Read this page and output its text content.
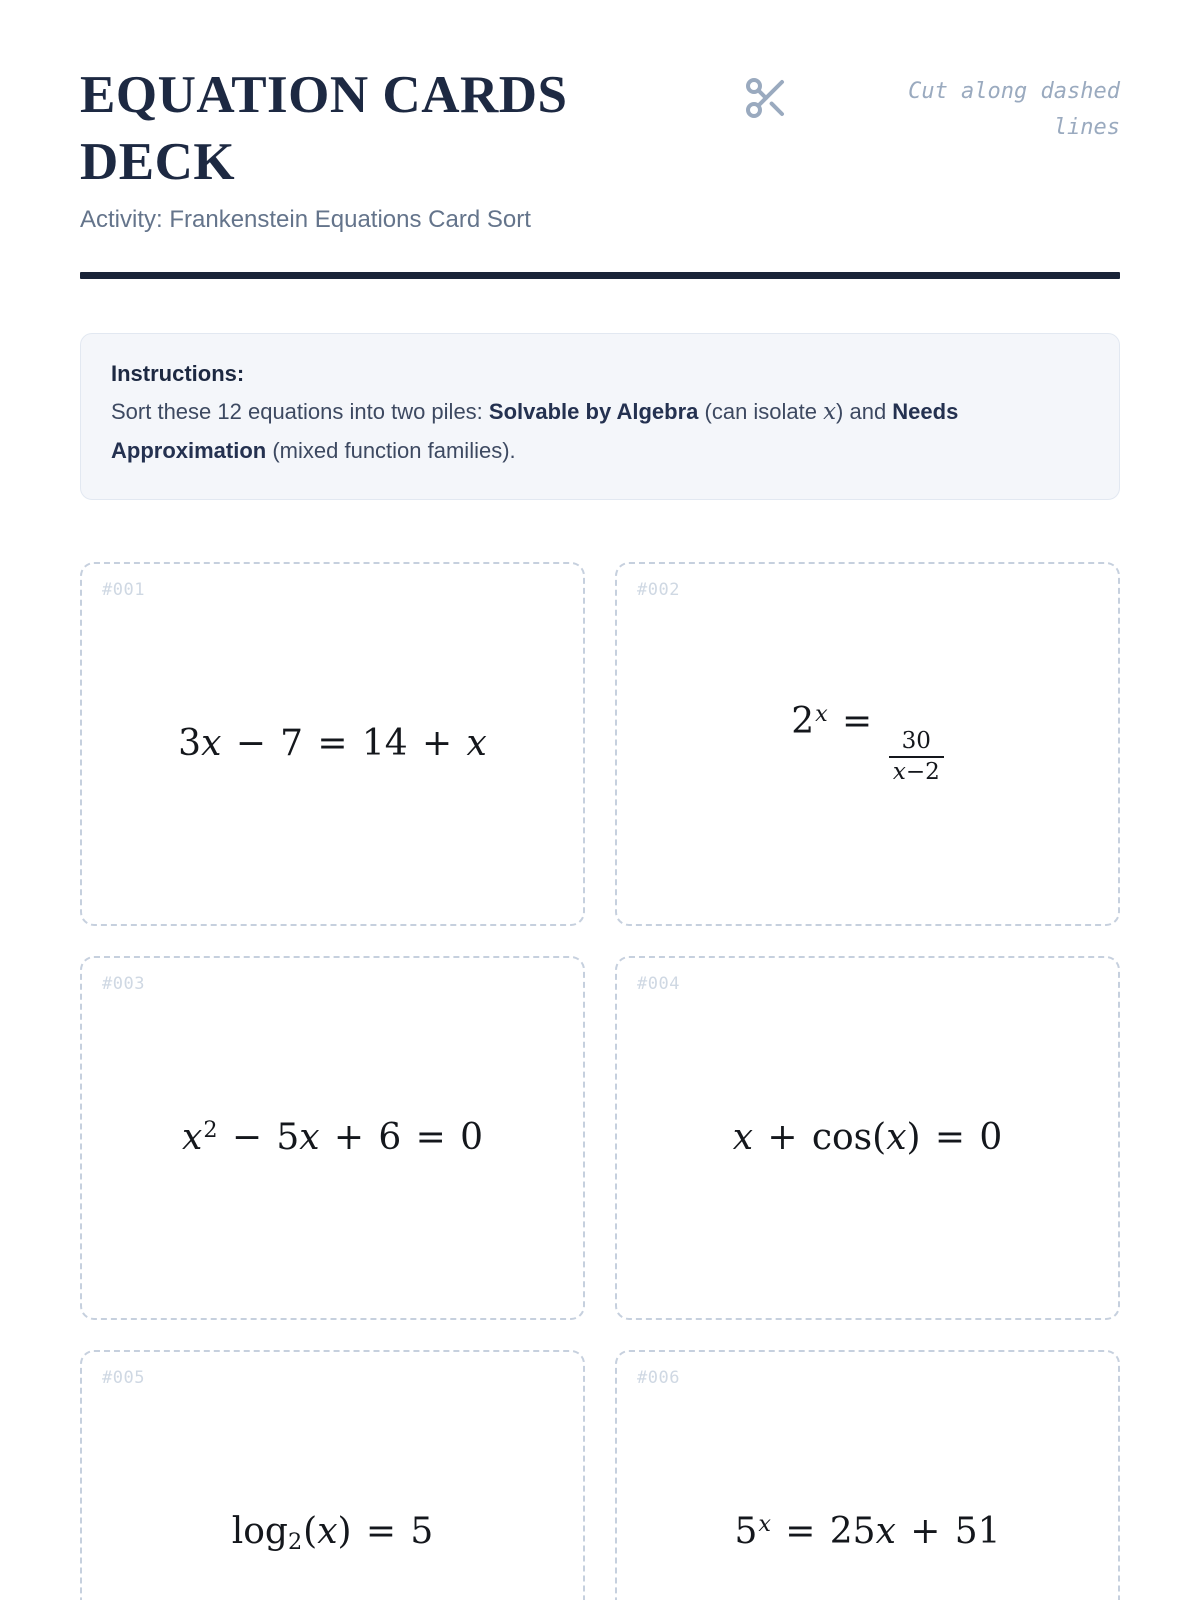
EQUATION CARDS DECK

Activity: Frankenstein Equations Card Sort

Cut along dashed lines
Instructions:

Sort these 12 equations into two piles: Solvable by Algebra (can isolate x) and Needs Approximation (mixed function families).

#001
3x − 7 = 14 + x
#002
2x =
$\frac{30}{x-2}$
#003
x2 − 5x + 6 = 0
#004
x + cos(x) = 0
#005
log2(x) = 5
#006
5x = 25x + 51
